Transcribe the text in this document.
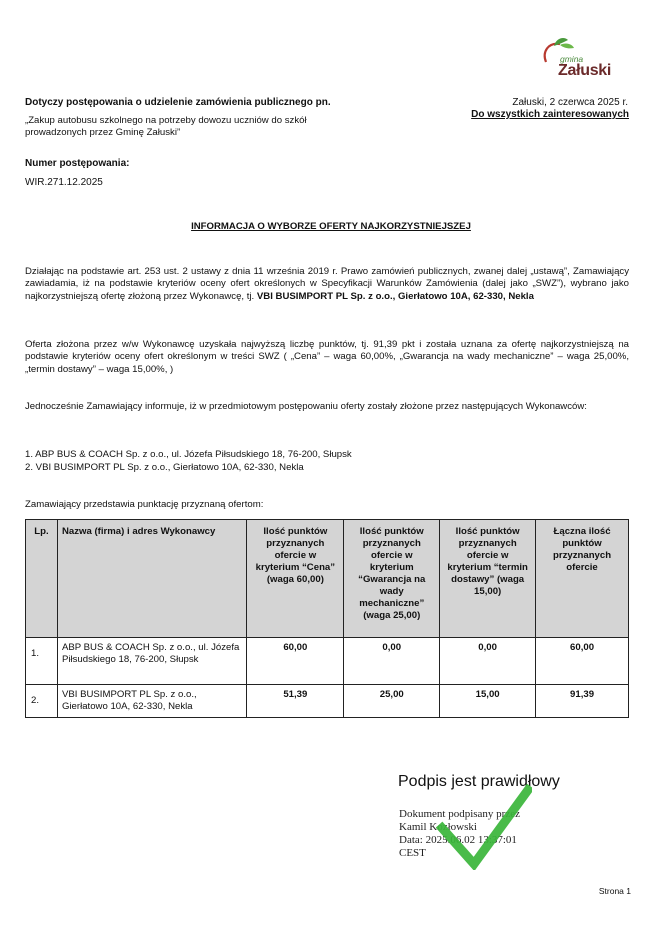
gmina
Załuski
Dotyczy postępowania o udzielenie zamówienia publicznego pn.	Załuski, 2 czerwca 2025 r.
Do wszystkich zainteresowanych
„Zakup autobusu szkolnego na potrzeby dowozu uczniów do szkół prowadzonych przez Gminę Załuski”
Numer postępowania:
WIR.271.12.2025
INFORMACJA O WYBORZE OFERTY NAJKORZYSTNIEJSZEJ
Działając na podstawie art. 253 ust. 2 ustawy z dnia 11 września 2019 r. Prawo zamówień publicznych, zwanej dalej „ustawą”, Zamawiający zawiadamia, iż na podstawie kryteriów oceny ofert określonych w Specyfikacji Warunków Zamówienia (dalej jako „SWZ”), wybrano jako najkorzystniejszą ofertę złożoną przez Wykonawcę, tj. VBI BUSIMPORT PL Sp. z o.o., Gierłatowo 10A, 62-330, Nekla
Oferta złożona przez w/w Wykonawcę uzyskała najwyższą liczbę punktów, tj. 91,39 pkt i została uznana za ofertę najkorzystniejszą na podstawie kryteriów oceny ofert określonym w treści SWZ ( „Cena” – waga 60,00%, „Gwarancja na wady mechaniczne” – waga 25,00%, „termin dostawy” – waga 15,00%, )
Jednocześnie Zamawiający informuje, iż w przedmiotowym postępowaniu oferty zostały złożone przez następujących Wykonawców:
1. ABP BUS & COACH Sp. z o.o., ul. Józefa Piłsudskiego 18, 76-200, Słupsk
2. VBI BUSIMPORT PL Sp. z o.o., Gierłatowo 10A, 62-330, Nekla
Zamawiający przedstawia punktację przyznaną ofertom:
Lp.	Nazwa (firma) i adres Wykonawcy	Ilość punktów przyznanych ofercie w kryterium “Cena” (waga 60,00)	Ilość punktów przyznanych ofercie w kryterium “Gwarancja na wady mechaniczne” (waga 25,00)	Ilość punktów przyznanych ofercie w kryterium “termin dostawy” (waga 15,00)	Łączna ilość punktów przyznanych ofercie
1.	ABP BUS & COACH Sp. z o.o., ul. Józefa Piłsudskiego 18, 76-200, Słupsk	60,00	0,00	0,00	60,00
2.	VBI BUSIMPORT PL Sp. z o.o., Gierłatowo 10A, 62-330, Nekla	51,39	25,00	15,00	91,39
Podpis jest prawidłowy
Dokument podpisany przez
Kamil Kozłowski
Data: 2025.06.02 13:37:01
CEST
Strona 1
